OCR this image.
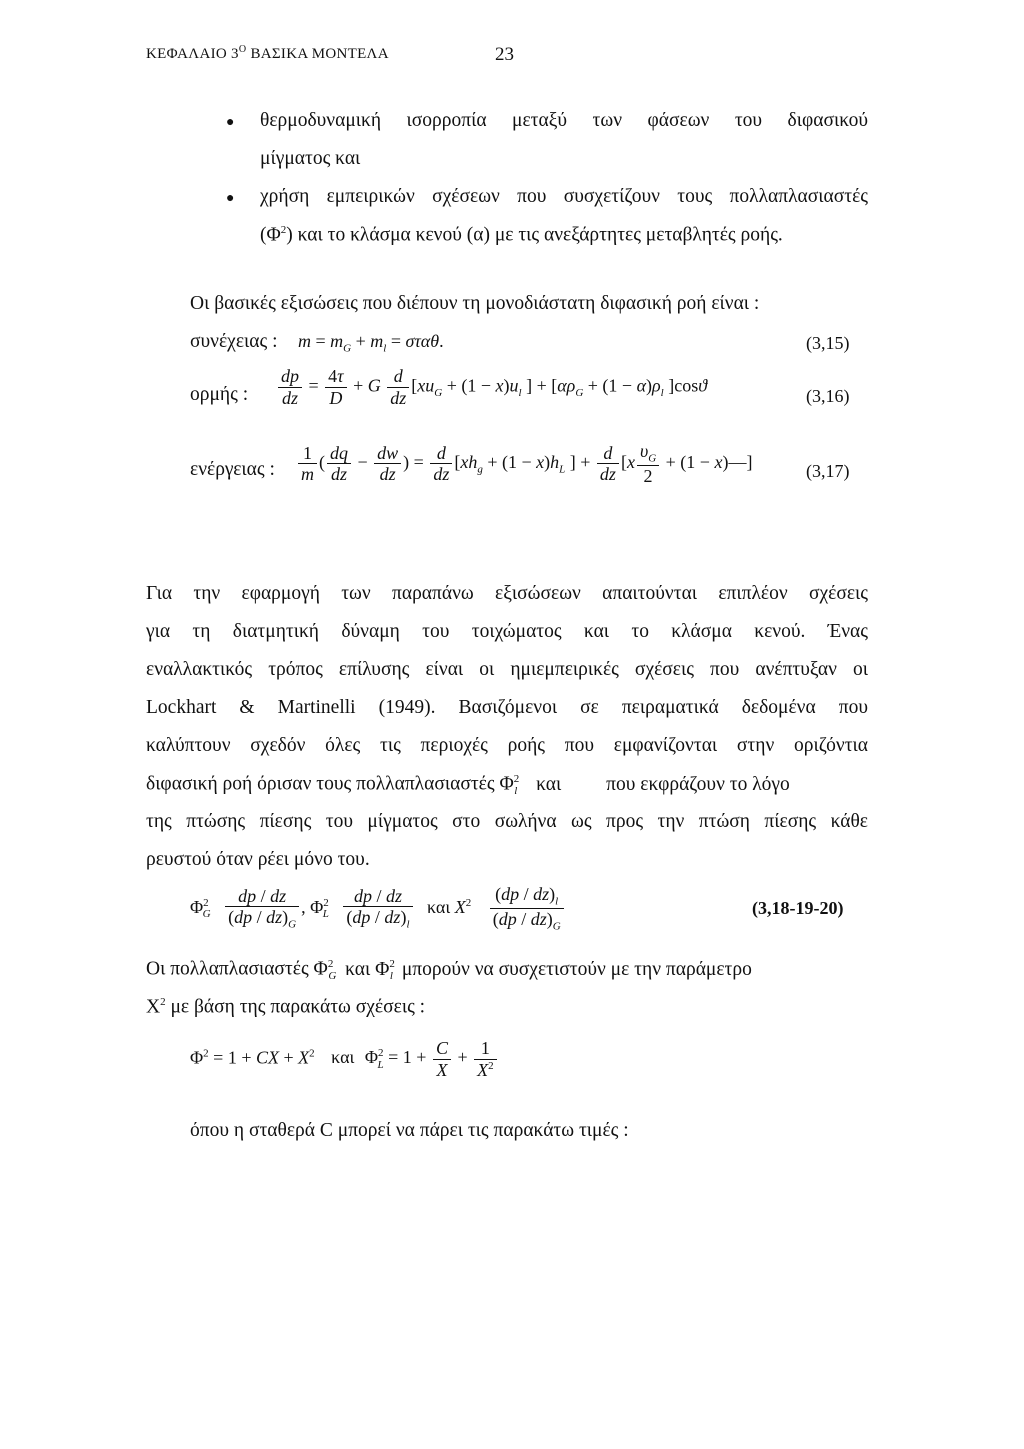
ΚΕΦΑΛΑΙΟ $3^O$ ΒΑΣΙΚΑ ΜΟΝΤΕΛΑ	23
● θερμοδυναμική ισορροπία μεταξύ των φάσεων του διφασικού
μίγματος και
● χρήση εμπειρικών σχέσεων που συσχετίζουν τους πολλαπλασιαστές
$(\Phi^2)$ και το κλάσμα κενού (α) με τις ανεξάρτητες μεταβλητές ροής.
Οι βασικές εξισώσεις που διέπουν τη μονοδιάστατη διφασική ροή είναι :
συνέχειας : $m = m_G + m_l = \sigma\tau\alpha\theta$.	(3,15)
ορμής : $\frac{dp}{dz} = \frac{4\tau}{D} + G \frac{d}{dz} [xu_G + (1 - x)u_l$ ] + [$\alpha\rho_G + (1 - \alpha)\rho_l$ ]cosϑ
(3,16)
ενέργειας : $\frac{1}{m}$ ( $\frac{dq}{dz} - \frac{dw}{dz}$ ) = $\frac{d}{dz} [xh_g + (1 - x)h_L$ ] + $\frac{d}{dz} [x \frac{\upsilon_G}{2} + (1$ − x)—]	(3,17)
Για την εφαρμογή των παραπάνω εξισώσεων απαιτούνται επιπλέον σχέσεις
για τη διατμητική δύναμη του τοιχώματος και το κλάσμα κενού. Ένας
εναλλακτικός τρόπος επίλυσης είναι οι ημιεμπειρικές σχέσεις που ανέπτυξαν οι
Lockhart & Martinelli (1949). Βασιζόμενοι σε πειραματικά δεδομένα που
καλύπτουν σχεδόν όλες τις περιοχές ροής που εμφανίζονται στην οριζόντια
διφασική ροή όρισαν τους πολλαπλασιαστές $\Phi^2_l$ και που εκφράζουν το λόγο
της πτώσης πίεσης του μίγματος στο σωλήνα ως προς την πτώση πίεσης κάθε
ρευστού όταν ρέει μόνο του.
$\Phi^2_G \frac{dp / dz}{(dp / dz)_G}$ , $\Phi^2_L \frac{dp / dz}{(dp / dz)_l}$ και $X^2 \frac{(dp / dz)_l}{(dp / dz)_G}$	(3,18-19-20)
Οι πολλαπλασιαστές $\Phi^2_G$ και $\Phi^2_l$ μπορούν να συσχετιστούν με την παράμετρο
$X^2$ με βάση της παρακάτω σχέσεις :
$\Phi^2 = 1$ + CX + $X^2$ και $\Phi^2_L = 1 + \frac{C}{X} + \frac{1}{X^2}$
όπου η σταθερά C μπορεί να πάρει τις παρακάτω τιμές :
